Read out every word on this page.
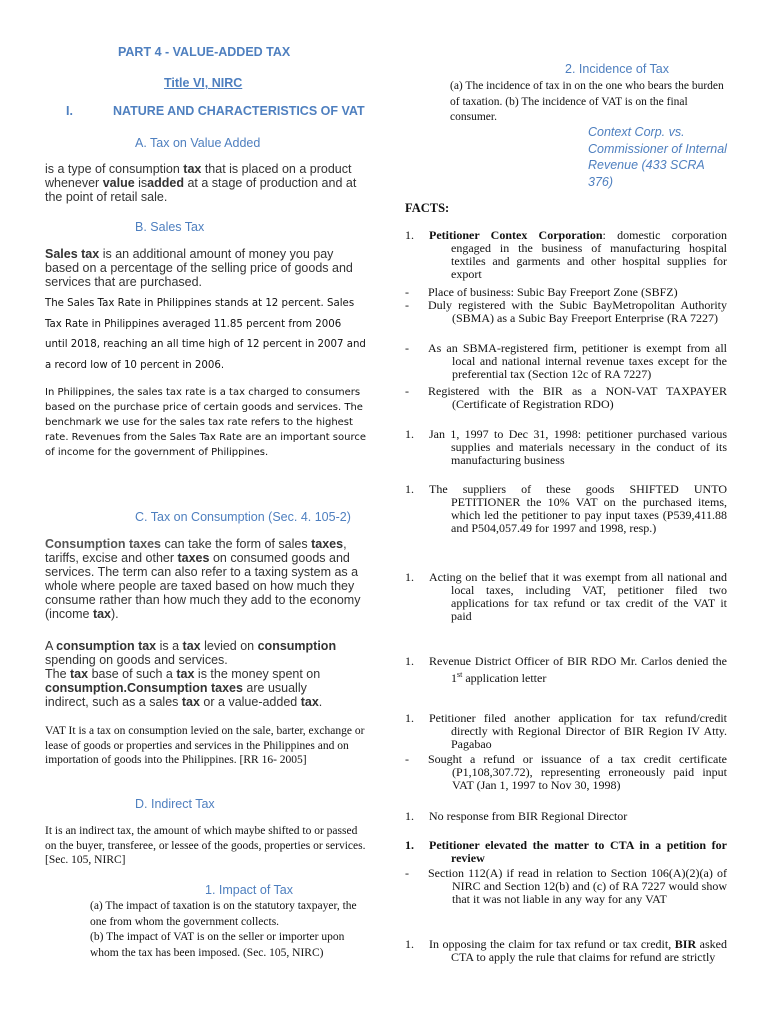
PART 4 - VALUE-ADDED TAX
Title VI, NIRC
I.	NATURE AND CHARACTERISTICS OF VAT
A. Tax on Value Added
is a type of consumption tax that is placed on a product whenever value isadded at a stage of production and at the point of retail sale.
B. Sales Tax
Sales tax is an additional amount of money you pay based on a percentage of the selling price of goods and services that are purchased.
The Sales Tax Rate in Philippines stands at 12 percent. Sales Tax Rate in Philippines averaged 11.85 percent from 2006 until 2018, reaching an all time high of 12 percent in 2007 and a record low of 10 percent in 2006.
In Philippines, the sales tax rate is a tax charged to consumers based on the purchase price of certain goods and services. The benchmark we use for the sales tax rate refers to the highest rate. Revenues from the Sales Tax Rate are an important source of income for the government of Philippines.
C. Tax on Consumption (Sec. 4. 105-2)
Consumption taxes can take the form of sales taxes, tariffs, excise and other taxes on consumed goods and services. The term can also refer to a taxing system as a whole where people are taxed based on how much they consume rather than how much they add to the economy (income tax).
A consumption tax is a tax levied on consumption spending on goods and services.
The tax base of such a tax is the money spent on consumption.Consumption taxes are usually indirect, such as a sales tax or a value-added tax.
VAT It is a tax on consumption levied on the sale, barter, exchange or lease of goods or properties and services in the Philippines and on importation of goods into the Philippines. [RR 16- 2005]
D. Indirect Tax
It is an indirect tax, the amount of which maybe shifted to or passed on the buyer, transferee, or lessee of the goods, properties or services. [Sec. 105, NIRC]
1. Impact of Tax
(a) The impact of taxation is on the statutory taxpayer, the one from whom the government collects.
(b) The impact of VAT is on the seller or importer upon whom the tax has been imposed. (Sec. 105, NIRC)
2. Incidence of Tax
(a) The incidence of tax in on the one who bears the burden of taxation. (b) The incidence of VAT is on the final consumer.
Context Corp. vs. Commissioner of Internal Revenue (433 SCRA 376)
FACTS:
1.	Petitioner Contex Corporation: domestic corporation engaged in the business of manufacturing hospital textiles and garments and other hospital supplies for export
- Place of business: Subic Bay Freeport Zone (SBFZ)
- Duly registered with the Subic BayMetropolitan Authority (SBMA) as a Subic Bay Freeport Enterprise (RA 7227)
- As an SBMA-registered firm, petitioner is exempt from all local and national internal revenue taxes except for the preferential tax (Section 12c of RA 7227)
- Registered with the BIR as a NON-VAT TAXPAYER (Certificate of Registration RDO)
1.	Jan 1, 1997 to Dec 31, 1998: petitioner purchased various supplies and materials necessary in the conduct of its manufacturing business
1.	The suppliers of these goods SHIFTED UNTO PETITIONER the 10% VAT on the purchased items, which led the petitioner to pay input taxes (P539,411.88 and P504,057.49 for 1997 and 1998, resp.)
1.	Acting on the belief that it was exempt from all national and local taxes, including VAT, petitioner filed two applications for tax refund or tax credit of the VAT it paid
1.	Revenue District Officer of BIR RDO Mr. Carlos denied the 1st application letter
1.	Petitioner filed another application for tax refund/credit directly with Regional Director of BIR Region IV Atty. Pagabao
- Sought a refund or issuance of a tax credit certificate (P1,108,307.72), representing erroneously paid input VAT (Jan 1, 1997 to Nov 30, 1998)
1.	No response from BIR Regional Director
1.	Petitioner elevated the matter to CTA in a petition for review
- Section 112(A) if read in relation to Section 106(A)(2)(a) of NIRC and Section 12(b) and (c) of RA 7227 would show that it was not liable in any way for any VAT
1.	In opposing the claim for tax refund or tax credit, BIR asked CTA to apply the rule that claims for refund are strictly
